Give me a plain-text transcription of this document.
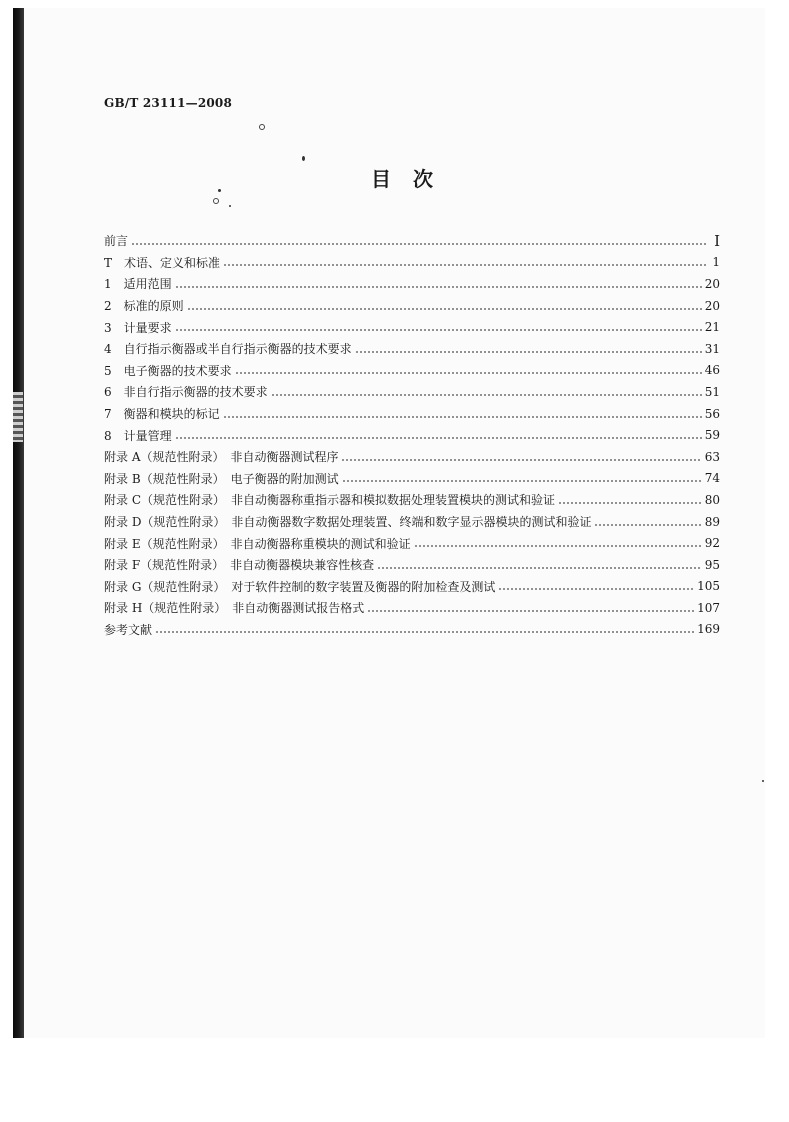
GB/T 23111—2008

目　次
前言	Ⅰ
T　术语、定义和标准	1
1　适用范围	20
2　标准的原则	20
3　计量要求	21
4　自行指示衡器或半自行指示衡器的技术要求	31
5　电子衡器的技术要求	46
6　非自行指示衡器的技术要求	51
7　衡器和模块的标记	56
8　计量管理	59
附录 A（规范性附录）　非自动衡器测试程序	63
附录 B（规范性附录）　电子衡器的附加测试	74
附录 C（规范性附录）　非自动衡器称重指示器和模拟数据处理装置模块的测试和验证	80
附录 D（规范性附录）　非自动衡器数字数据处理装置、终端和数字显示器模块的测试和验证	89
附录 E（规范性附录）　非自动衡器称重模块的测试和验证	92
附录 F（规范性附录）　非自动衡器模块兼容性核查	95
附录 G（规范性附录）　对于软件控制的数字装置及衡器的附加检查及测试	105
附录 H（规范性附录）　非自动衡器测试报告格式	107
参考文献	169
